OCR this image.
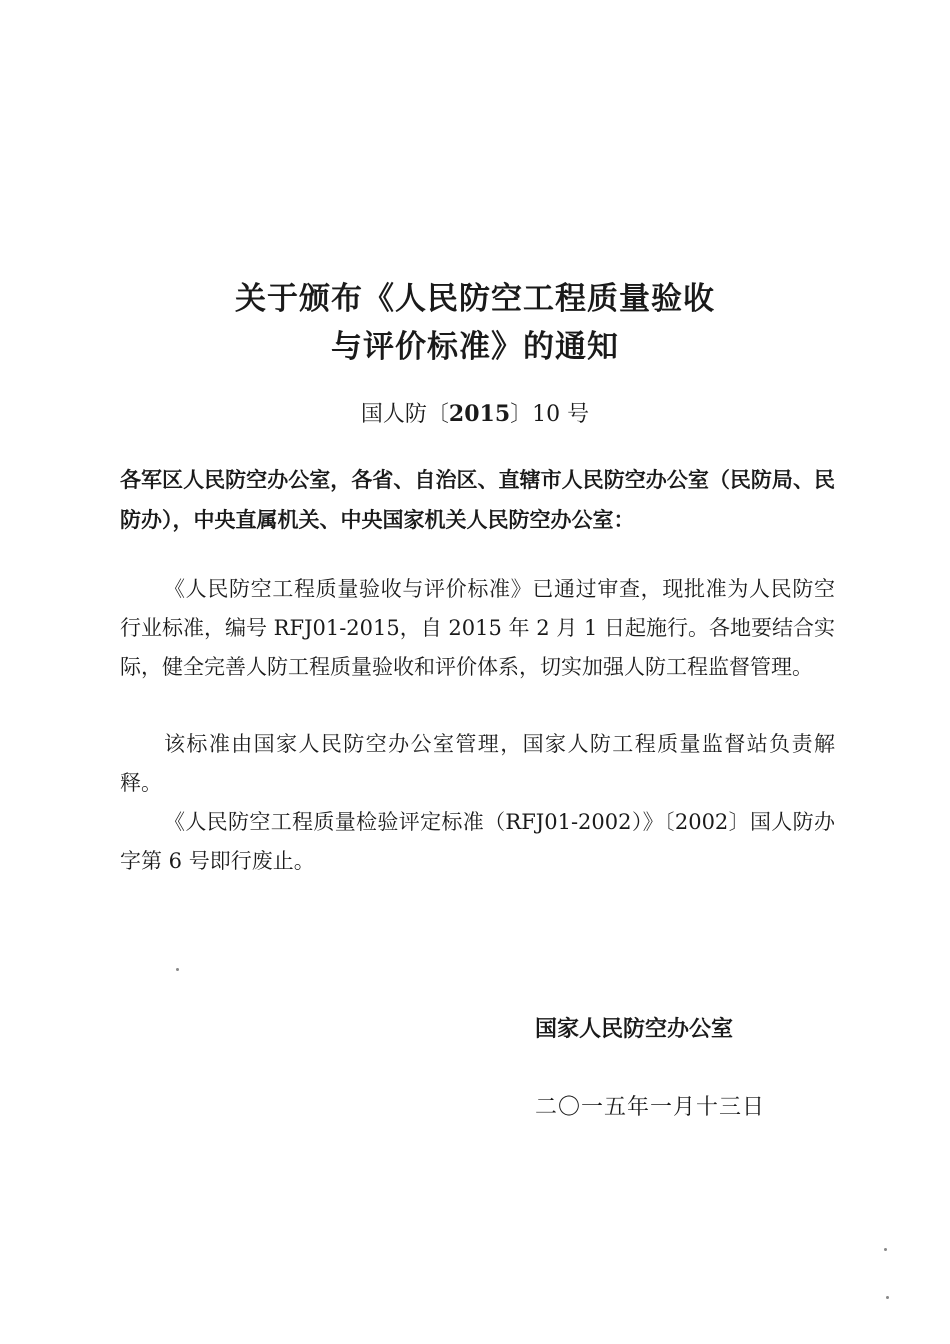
关于颁布《人民防空工程质量验收
与评价标准》的通知
国人防〔2015〕10 号
各军区人民防空办公室，各省、自治区、直辖市人民防空办公室（民防局、民防办），中央直属机关、中央国家机关人民防空办公室：

《人民防空工程质量验收与评价标准》已通过审查，现批准为人民防空行业标准，编号 RFJ01-2015，自 2015 年 2 月 1 日起施行。各地要结合实际，健全完善人防工程质量验收和评价体系，切实加强人防工程监督管理。

该标准由国家人民防空办公室管理，国家人防工程质量监督站负责解释。

《人民防空工程质量检验评定标准（RFJ01-2002）》〔2002〕国人防办字第 6 号即行废止。

国家人民防空办公室
二〇一五年一月十三日
